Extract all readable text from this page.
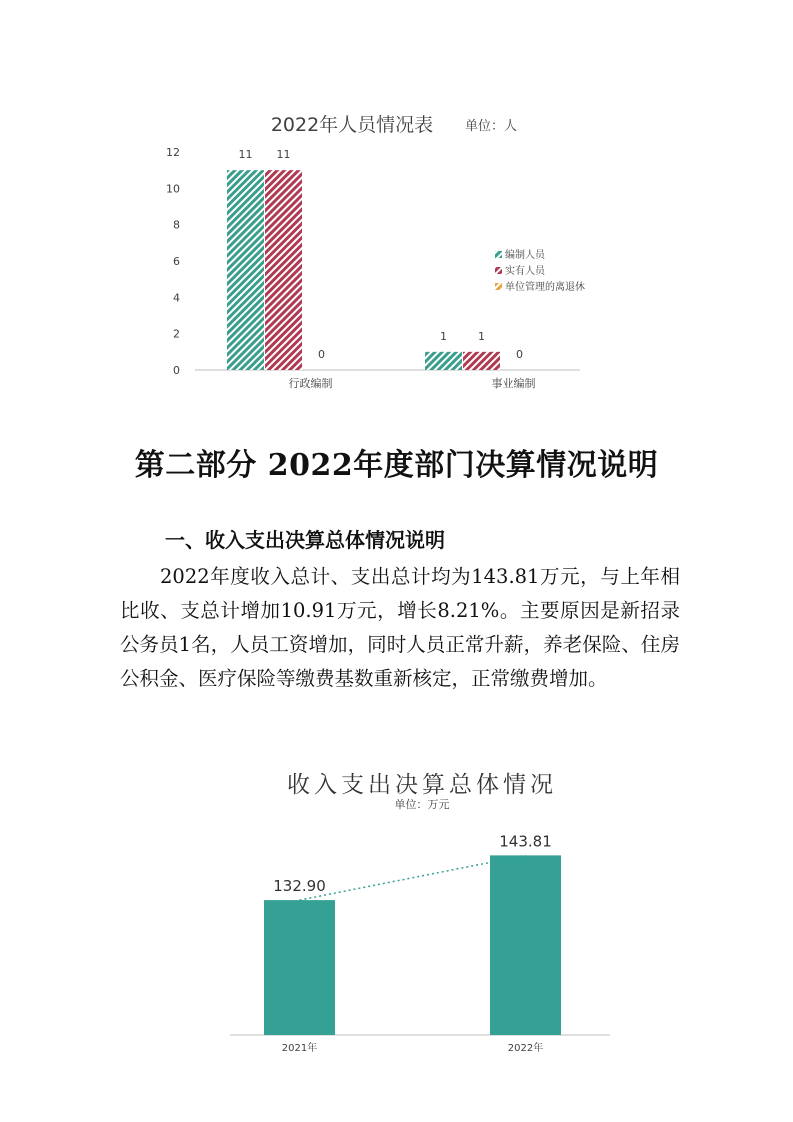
2022年人员情况表 单位：人
0
2
4
6
8
10
12	11 11
0
1	1
0
行政编制	事业编制
编制人员
实有人员
单位管理的离退休
第二部分 2022年度部门决算情况说明
一、收入支出决算总体情况说明
2022年度收入总计、支出总计均为143.81万元，与上年相比收、支总计增加10.91万元，增长8.21%。主要原因是新招录公务员1名，人员工资增加，同时人员正常升薪，养老保险、住房公积金、医疗保险等缴费基数重新核定，正常缴费增加。
收入支出决算总体情况
单位：万元
132.90
2021年
143.81
2022年
